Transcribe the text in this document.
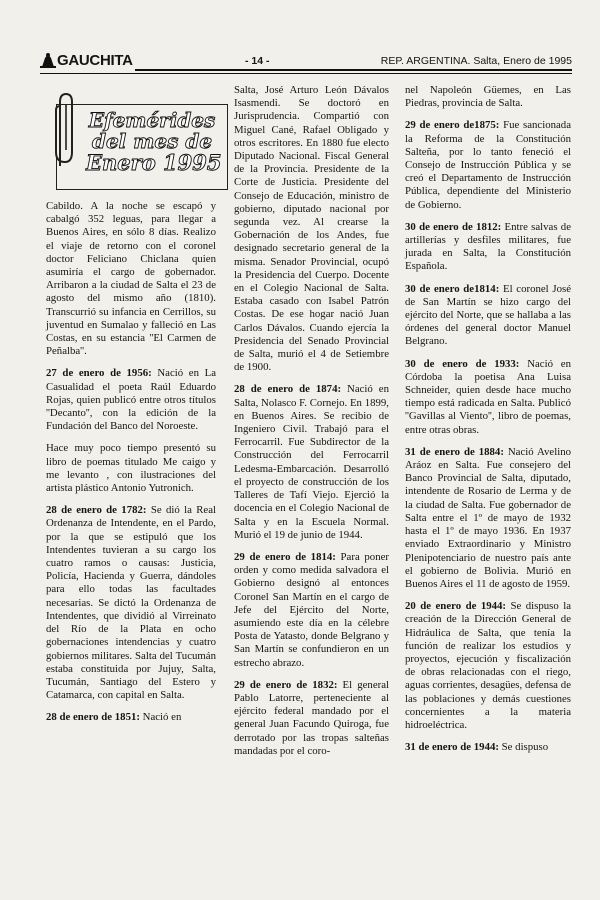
GAUCHITA	- 14 -	REP. ARGENTINA. Salta, Enero de 1995
Efemérides
del mes de
Enero 1995

Cabildo. A la noche se escapó y cabalgó 352 leguas, para llegar a Buenos Aires, en sólo 8 días. Realizo el viaje de retorno con el coronel doctor Feliciano Chiclana quien asumiría el cargo de gobernador. Arribaron a la ciudad de Salta el 23 de agosto del mismo año (1810). Transcurrió su infancia en Cerrillos, su juventud en Sumalao y falleció en Las Costas, en su estancia ''El Carmen de Peñalba''.

27 de enero de 1956: Nació en La Casualidad el poeta Raúl Eduardo Rojas, quien publicó entre otros títulos ''Decanto'', con la edición de la Fundación del Banco del Noroeste.

Hace muy poco tiempo presentó su libro de poemas titulado Me caigo y me levanto , con ilustraciones del artista plástico Antonio Yutronich.

28 de enero de 1782: Se dió la Real Ordenanza de Intendente, en el Pardo, por la que se estipuló que los Intendentes tuvieran a su cargo los cuatro ramos o causas: Justicia, Policía, Hacienda y Guerra, dándoles para ello todas las facultades necesarias. Se dictó la Ordenanza de Intendentes, que dividió al Virreinato del Río de la Plata en ocho gobernaciones intendencias y cuatro gobiernos militares. Salta del Tucumán estaba constituida por Jujuy, Salta, Tucumán, Santiago del Estero y Catamarca, con capital en Salta.

28 de enero de 1851: Nació en

Salta, José Arturo León Dávalos Isasmendi. Se doctoró en Jurisprudencia. Compartió con Miguel Cané, Rafael Obligado y otros escritores. En 1880 fue electo Diputado Nacional. Fiscal General de la Provincia. Presidente de la Corte de Justicia. Presidente del Consejo de Educación, ministro de gobierno, diputado nacional por segunda vez. Al crearse la Gobernación de los Andes, fue designado secretario general de la misma. Senador Provincial, ocupó la Presidencia del Cuerpo. Docente en el Colegio Nacional de Salta. Estaba casado con Isabel Patrón Costas. De ese hogar nació Juan Carlos Dávalos. Cuando ejercía la Presidencia del Senado Provincial de Salta, murió el 4 de Setiembre de 1900.

28 de enero de 1874: Nació en Salta, Nolasco F. Cornejo. En 1899, en Buenos Aires. Se recibio de Ingeniero Civil. Trabajó para el Ferrocarril. Fue Subdirector de la Construcción del Ferrocarril Ledesma-Embarcación. Desarrolló el proyecto de construcción de los Talleres de Tafí Viejo. Ejerció la docencia en el Colegio Nacional de Salta y en la Escuela Normal. Murió el 19 de junio de 1944.

29 de enero de 1814: Para poner orden y como medida salvadora el Gobierno designó al entonces Coronel San Martín en el cargo de Jefe del Ejército del Norte, asumiendo este día en la célebre Posta de Yatasto, donde Belgrano y San Martín se confundieron en un estrecho abrazo.

29 de enero de 1832: El general Pablo Latorre, perteneciente al ejército federal mandado por el general Juan Facundo Quiroga, fue derrotado por las tropas salteñas mandadas por el coro-

nel Napoleón Güemes, en Las Piedras, provincia de Salta.

29 de enero de1875: Fue sancionada la Reforma de la Constitución Salteña, por lo tanto feneció el Consejo de Instrucción Pública y se creó el Departamento de Instrucción Pública, dependiente del Ministerio de Gobierno.

30 de enero de 1812: Entre salvas de artillerías y desfiles militares, fue jurada en Salta, la Constitución Española.

30 de enero de1814: El coronel José de San Martín se hizo cargo del ejército del Norte, que se hallaba a las órdenes del general doctor Manuel Belgrano.

30 de enero de 1933: Nació en Córdoba la poetisa Ana Luisa Schneider, quien desde hace mucho tiempo está radicada en Salta. Publicó ''Gavillas al Viento'', libro de poemas, entre otras obras.

31 de enero de 1884: Nació Avelino Aráoz en Salta. Fue consejero del Banco Provincial de Salta, diputado, intendente de Rosario de Lerma y de la ciudad de Salta. Fue gobernador de Salta entre el 1º de mayo de 1932 hasta el 1º de mayo 1936. En 1937 enviado Extraordinario y Ministro Plenipotenciario de nuestro país ante el gobierno de Bolivia. Murió en Buenos Aires el 11 de agosto de 1959.

20 de enero de 1944: Se dispuso la creación de la Dirección General de Hidráulica de Salta, que tenía la función de realizar los estudios y proyectos, ejecución y fiscalización de obras relacionadas con el riego, aguas corrientes, desagües, defensa de las poblaciones y demás cuestiones concernientes a la materia hidroeléctrica.

31 de enero de 1944: Se dispuso
